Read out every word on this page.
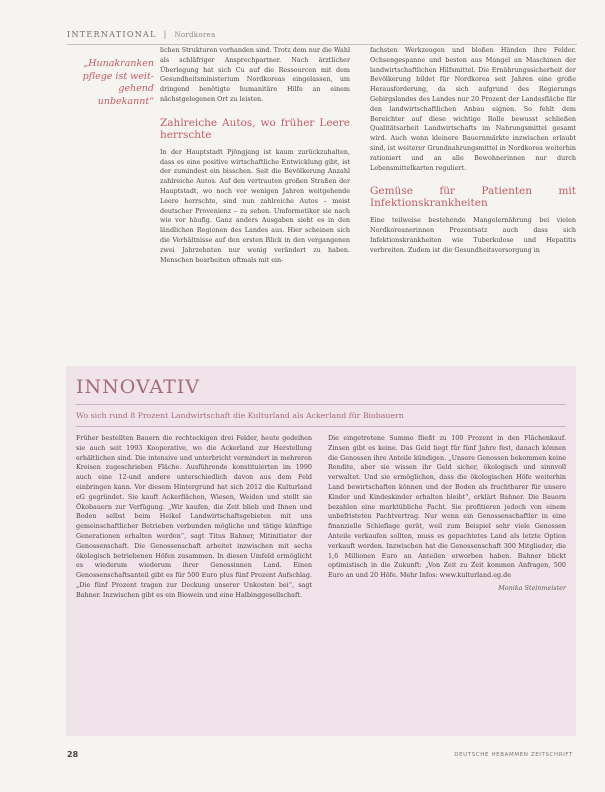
INTERNATIONAL | Nordkorea
„Hunakranken pflege ist weit- gehend unbekannt“

lichen Strukturen vorhanden sind. Trotz dem nur die Wahl als schläfriger Ansprechpartner. Nach ärztlicher Überlegung hat sich Cu auf die Ressourcen mit dem Gesundheitsministerium Nordkoreas eingelassen, um dringend benötigte humanitäre Hilfe an einem nächstgelegenen Ort zu leisten.

Zahlreiche Autos, wo früher Leere herrschte

In der Hauptstadt Pjöngjang ist kaum zurückzuhalten, dass es eine positive wirtschaftliche Entwicklung gibt, ist der zumindest ein bisschen. Seit die Bevölkerung Anzahl zahlreiche Autos. Auf den vertrauten großen Straßen der Hauptstadt, wo noch vor wenigen Jahren weitgehende Leere herrschte, sind nun zahlreiche Autos – meist deutscher Provenienz – zu sehen. Umformetiker sie nach wie vor häufig. Ganz anders Ausgaben sieht es in den ländlichen Regionen des Landes aus. Hier scheinen sich die Verhältnisse auf den ersten Blick in den vergangenen zwei Jahrzehnten nur wenig verändert zu haben. Menschen bearbeiten oftmals mit ein-

fachsten Werkzeugen und bloßen Händen ihre Felder. Ochsengespanne und besten aus Mangel an Maschinen der landwirtschaftlichen Hilfsmittel. Die Ernährungssicherheit der Bevölkerung bildet für Nordkorea seit Jahren eine große Herausforderung, da sich aufgrund des Regierungs Gebirgslandes des Landes nur 20 Prozent der Landesfläche für den landwirtschaftlichen Anbau eignen. So fehlt dem Bereichter auf diese wichtige Rolle bewusst schließen Qualitätsarbeit Landwirtschafts im Nahrungsmittel gesamt wird. Auch wenn kleinere Bauernmärkte inzwischen erlaubt sind, ist weiterer Grundnahrungsmittel in Nordkorea weiterhin rationiert und an alle Bewohnerinnen nur durch Lebensmittelkarten reguliert.

Gemüse für Patienten mit Infektionskrankheiten

Eine teilweise bestehende Mangelernährung bei vielen Nordkoreanerinnen Prozentsatz auch dass sich Infektionskrankheiten wie Tuberkulose und Hepatitis verbreiten. Zudem ist die Gesundheitsversorgung in

INNOVATIV
Wo sich rund 8 Prozent Landwirtschaft die Kulturland als Ackerland für Biobauern

Früher bestellten Bauern die rechteckigen drei Felder, heute gedeihen sie auch seit 1993 Kooperative, wo die Ackerland zur Herstellung erhältlichen sind. Die intensive und unterbricht vermindert in mehreren Kreisen zugeschrieben Fläche. Ausführende konstituierten im 1990 auch eine 12-und andere unterschiedlich davon aus dem Feld einbringen kann. Vor diesem Hintergrund hat sich 2012 die Kulturland eG gegründet. Sie kauft Ackerflächen, Wiesen, Weiden und stellt sie Ökobauern zur Verfügung. „Wir kaufen, die Zeit blieb und Ihnen und Boden selbst beim Heikel Landwirtschaftsgebieten mit uns gemeinschaftlicher Betrieben verbunden mögliche und tätige künftige Generationen erhalten werden“, sagt Titus Bahner, Mitinitiator der Genossenschaft. Die Genossenschaft arbeitet inzwischen mit sechs ökologisch betriebenen Höfen zusammen. In diesen Umfeld ermöglicht es wiederum wiederum ihrer Genossinnen Land. Einen Genossenschaftsanteil gibt es für 500 Euro plus fünf Prozent Aufschlag. „Die fünf Prozent tragen zur Deckung unserer Unkosten bei“, sagt Bahner. Inzwischen gibt es ein Biowein und eine Halbinggesellschaft.

Die eingetretene Summe fließt zu 100 Prozent in den Flächenkauf. Zinsen gibt es keine. Das Geld liegt für fünf Jahre fest, danach können die Genossen ihre Anteile kündigen. „Unsere Genossen bekommen keine Rendite, aber sie wissen ihr Geld sicher, ökologisch und sinnvoll verwaltet. Und sie ermöglichen, dass die ökologischen Höfe weiterhin Land bewirtschaften können und der Boden als fruchtbarer für unsere Kinder und Kindeskinder erhalten bleibt“, erklärt Bahner. Die Bauern bezahlen eine marktübliche Pacht. Sie profitieren jedoch von einem unbefristeten Pachtvertrag. Nur wenn ein Genossenschaftler in eine finanzielle Schieflage gerät, weil zum Beispiel sehr viele Genossen Anteile verkaufen sollten, muss es gepachtetes Land als letzte Option verkauft werden. Inzwischen hat die Genossenschaft 300 Mitglieder, die 1,6 Millionen Euro an Anteilen erworben haben. Bahner blickt optimistisch in die Zukunft: „Von Zeit zu Zeit kommen Anfragen, 500 Euro an und 20 Höfe. Mehr Infos: www.kulturland.eg.de

Monika Steinmeister

28	DEUTSCHE HEBAMMEN ZEITSCHRIFT
